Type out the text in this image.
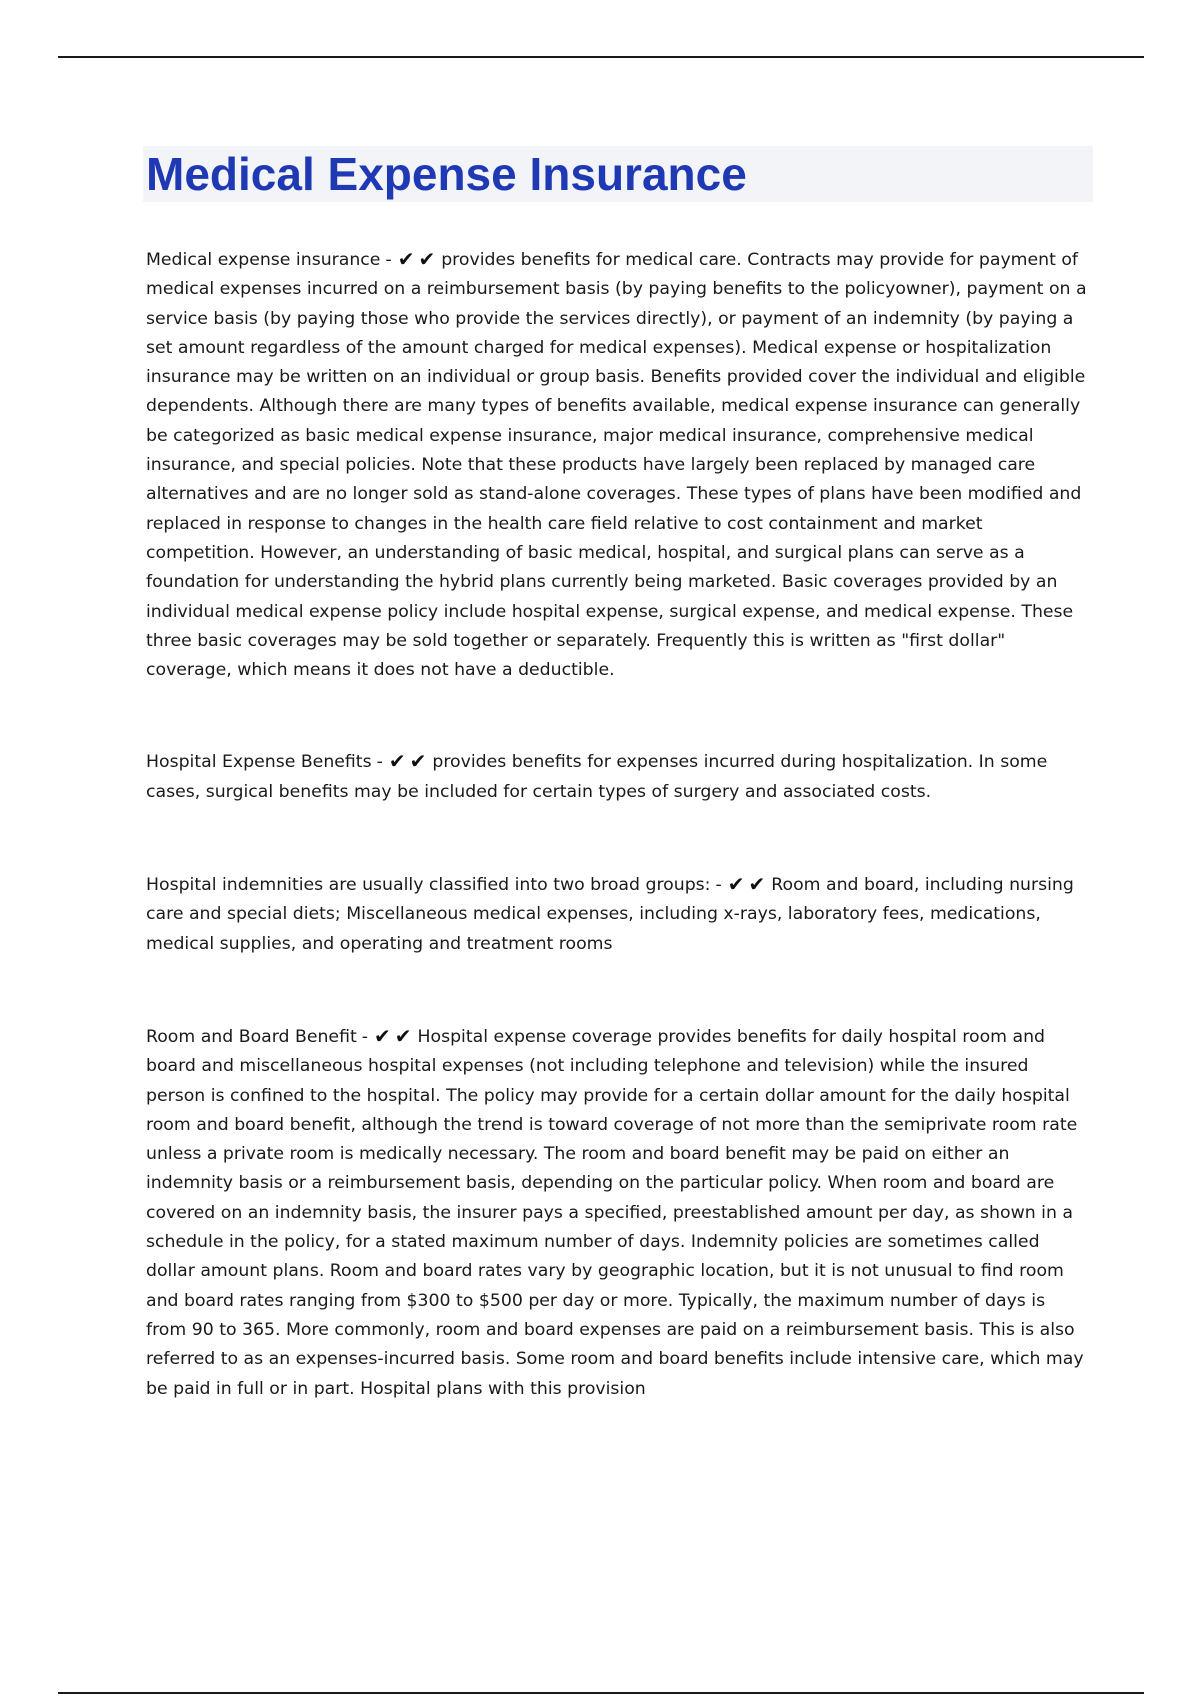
Medical Expense Insurance

Medical expense insurance - ✔✔ provides benefits for medical care. Contracts may provide for payment of medical expenses incurred on a reimbursement basis (by paying benefits to the policyowner), payment on a service basis (by paying those who provide the services directly), or payment of an indemnity (by paying a set amount regardless of the amount charged for medical expenses). Medical expense or hospitalization insurance may be written on an individual or group basis. Benefits provided cover the individual and eligible dependents. Although there are many types of benefits available, medical expense insurance can generally be categorized as basic medical expense insurance, major medical insurance, comprehensive medical insurance, and special policies. Note that these products have largely been replaced by managed care alternatives and are no longer sold as stand-alone coverages. These types of plans have been modified and replaced in response to changes in the health care field relative to cost containment and market competition. However, an understanding of basic medical, hospital, and surgical plans can serve as a foundation for understanding the hybrid plans currently being marketed. Basic coverages provided by an individual medical expense policy include hospital expense, surgical expense, and medical expense. These three basic coverages may be sold together or separately. Frequently this is written as "first dollar" coverage, which means it does not have a deductible.

Hospital Expense Benefits - ✔✔ provides benefits for expenses incurred during hospitalization. In some cases, surgical benefits may be included for certain types of surgery and associated costs.

Hospital indemnities are usually classified into two broad groups: - ✔✔ Room and board, including nursing care and special diets; Miscellaneous medical expenses, including x-rays, laboratory fees, medications, medical supplies, and operating and treatment rooms

Room and Board Benefit - ✔✔ Hospital expense coverage provides benefits for daily hospital room and board and miscellaneous hospital expenses (not including telephone and television) while the insured person is confined to the hospital. The policy may provide for a certain dollar amount for the daily hospital room and board benefit, although the trend is toward coverage of not more than the semiprivate room rate unless a private room is medically necessary. The room and board benefit may be paid on either an indemnity basis or a reimbursement basis, depending on the particular policy. When room and board are covered on an indemnity basis, the insurer pays a specified, preestablished amount per day, as shown in a schedule in the policy, for a stated maximum number of days. Indemnity policies are sometimes called dollar amount plans. Room and board rates vary by geographic location, but it is not unusual to find room and board rates ranging from $300 to $500 per day or more. Typically, the maximum number of days is from 90 to 365. More commonly, room and board expenses are paid on a reimbursement basis. This is also referred to as an expenses-incurred basis. Some room and board benefits include intensive care, which may be paid in full or in part. Hospital plans with this provision
